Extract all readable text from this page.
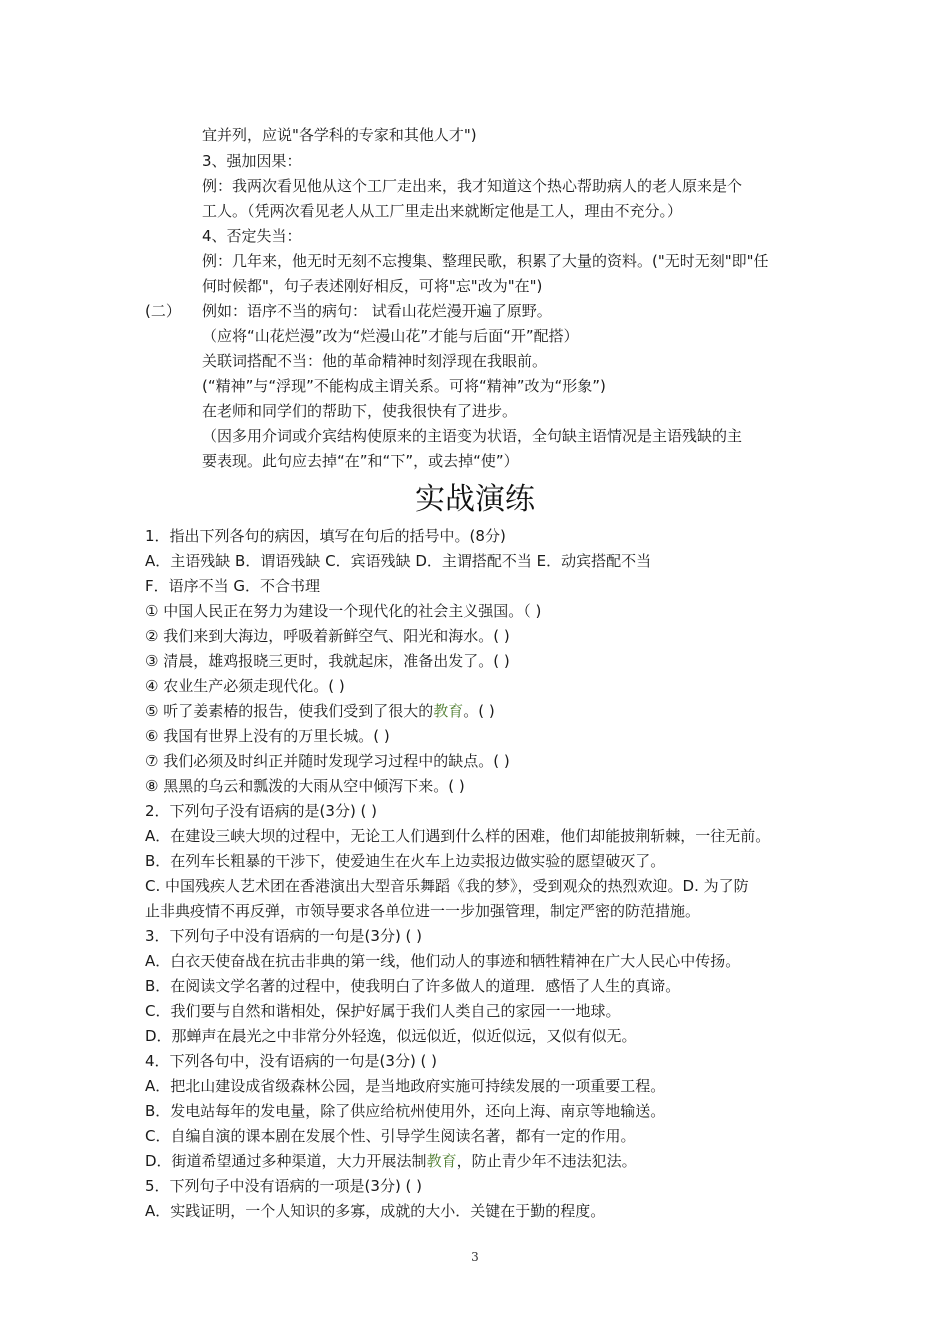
宜并列，应说"各学科的专家和其他人才")
3、强加因果：
例：我两次看见他从这个工厂走出来，我才知道这个热心帮助病人的老人原来是个
工人。（凭两次看见老人从工厂里走出来就断定他是工人，理由不充分。）
4、否定失当：
例：几年来，他无时无刻不忘搜集、整理民歌，积累了大量的资料。("无时无刻"即"任
何时候都"，句子表述刚好相反，可将"忘"改为"在")
(二） 例如：语序不当的病句： 试看山花烂漫开遍了原野。
（应将“山花烂漫”改为“烂漫山花”才能与后面“开”配搭）
关联词搭配不当：他的革命精神时刻浮现在我眼前。
(“精神”与“浮现”不能构成主谓关系。可将“精神”改为“形象”)
在老师和同学们的帮助下，使我很快有了进步。
（因多用介词或介宾结构使原来的主语变为状语，全句缺主语情况是主语残缺的主
要表现。此句应去掉“在”和“下”，或去掉“使”）
实战演练
1．指出下列各句的病因，填写在句后的括号中。(8分)
A．主语残缺 B．谓语残缺 C．宾语残缺 D．主谓搭配不当 E．动宾搭配不当
F．语序不当 G．不合书理
① 中国人民正在努力为建设一个现代化的社会主义强国。（ )
② 我们来到大海边，呼吸着新鲜空气、阳光和海水。( )
③ 清晨，雄鸡报晓三更时，我就起床，准备出发了。( )
④ 农业生产必须走现代化。( )
⑤ 听了姜素椿的报告，使我们受到了很大的教育。( )
⑥ 我国有世界上没有的万里长城。( )
⑦ 我们必须及时纠正并随时发现学习过程中的缺点。( )
⑧ 黑黑的乌云和瓢泼的大雨从空中倾泻下来。( )
2．下列句子没有语病的是(3分) ( )
A．在建设三峡大坝的过程中，无论工人们遇到什么样的困难，他们却能披荆斩棘，一往无前。
B．在列车长粗暴的干涉下，使爱迪生在火车上边卖报边做实验的愿望破灭了。
C. 中国残疾人艺术团在香港演出大型音乐舞蹈《我的梦》，受到观众的热烈欢迎。D. 为了防
止非典疫情不再反弹，市领导要求各单位进一一步加强管理，制定严密的防范措施。
3．下列句子中没有语病的一句是(3分) ( )
A．白衣天使奋战在抗击非典的第一线，他们动人的事迹和牺牲精神在广大人民心中传扬。
B．在阅读文学名著的过程中，使我明白了许多做人的道理．感悟了人生的真谛。
C．我们要与自然和谐相处，保护好属于我们人类自己的家园一一地球。
D．那蝉声在晨光之中非常分外轻逸，似远似近，似近似远，又似有似无。
4．下列各句中，没有语病的一句是(3分) ( )
A．把北山建设成省级森林公园，是当地政府实施可持续发展的一项重要工程。
B．发电站每年的发电量，除了供应给杭州使用外，还向上海、南京等地输送。
C．自编自演的课本剧在发展个性、引导学生阅读名著，都有一定的作用。
D．街道希望通过多种渠道，大力开展法制教育，防止青少年不违法犯法。
5．下列句子中没有语病的一项是(3分) ( )
A．实践证明，一个人知识的多寡，成就的大小．关键在于勤的程度。
3
